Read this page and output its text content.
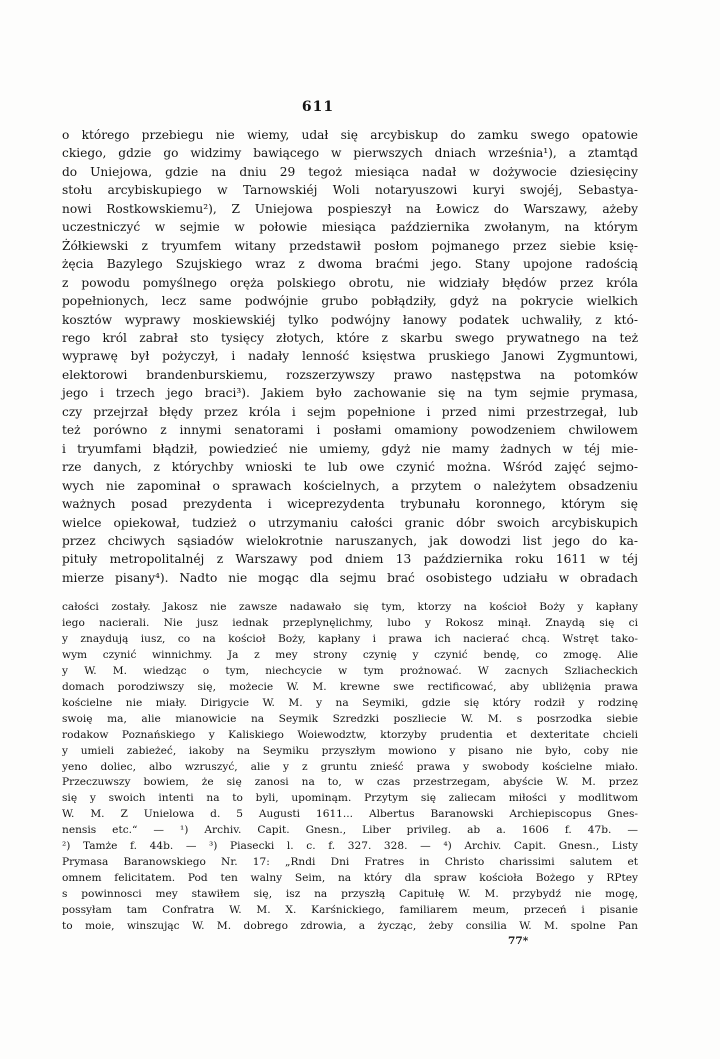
611
o którego przebiegu nie wiemy, udał się arcybiskup do zamku swego opatowie
ckiego, gdzie go widzimy bawiącego w pierwszych dniach września¹), a ztamtąd
do Uniejowa, gdzie na dniu 29 tegoż miesiąca nadał w dożywocie dziesięciny
stołu arcybiskupiego w Tarnowskiéj Woli notaryuszowi kuryi swojéj, Sebastya-
nowi Rostkowskiemu²), Z Uniejowa pospieszył na Łowicz do Warszawy, ażeby
uczestniczyć w sejmie w połowie miesiąca października zwołanym, na którym
Żółkiewski z tryumfem witany przedstawił posłom pojmanego przez siebie księ-
żęcia Bazylego Szujskiego wraz z dwoma braćmi jego. Stany upojone radością
z powodu pomyślnego oręża polskiego obrotu, nie widziały błędów przez króla
popełnionych, lecz same podwójnie grubo pobłądziły, gdyż na pokrycie wielkich
kosztów wyprawy moskiewskiéj tylko podwójny łanowy podatek uchwaliły, z któ-
rego król zabrał sto tysięcy złotych, które z skarbu swego prywatnego na też
wyprawę był pożyczył, i nadały lenność księstwa pruskiego Janowi Zygmuntowi,
elektorowi brandenburskiemu, rozszerzywszy prawo następstwa na potomków
jego i trzech jego braci³). Jakiem było zachowanie się na tym sejmie prymasa,
czy przejrzał błędy przez króla i sejm popełnione i przed nimi przestrzegał, lub
też porówno z innymi senatorami i posłami omamiony powodzeniem chwilowem
i tryumfami błądził, powiedzieć nie umiemy, gdyż nie mamy żadnych w téj mie-
rze danych, z którychby wnioski te lub owe czynić można. Wśród zajęć sejmo-
wych nie zapominał o sprawach kościelnych, a przytem o należytem obsadzeniu
ważnych posad prezydenta i wiceprezydenta trybunału koronnego, którym się
wielce opiekował, tudzież o utrzymaniu całości granic dóbr swoich arcybiskupich
przez chciwych sąsiadów wielokrotnie naruszanych, jak dowodzi list jego do ka-
pituły metropolitalnéj z Warszawy pod dniem 13 października roku 1611 w téj
mierze pisany⁴). Nadto nie mogąc dla sejmu brać osobistego udziału w obradach
całości zostały. Jakosz nie zawsze nadawało się tym, ktorzy na kościoł Boży y kapłany
iego nacierali. Nie jusz iednak przeplynęlichmy, lubo y Rokosz minął. Znaydą się ci
y znaydują iusz, co na kościoł Boży, kapłany i prawa ich nacierać chcą. Wstręt tako-
wym czynić winnichmy. Ja z mey strony czynię y czynić bendę, co zmogę. Alie
y W. M. wiedząc o tym, niechcycie w tym prożnować. W zacnych Szliacheckich
domach porodziwszy się, możecie W. M. krewne swe rectificować, aby ubliżęnia prawa
kościelne nie miały. Dirigycie W. M. y na Seymiki, gdzie się który rodził y rodzinę
swoię ma, alie mianowicie na Seymik Szredzki poszliecie W. M. s posrzodka siebie
rodakow Poznańskiego y Kaliskiego Woiewodztw, ktorzyby prudentia et dexteritate chcieli
y umieli zabieżeć, iakoby na Seymiku przyszłym mowiono y pisano nie było, coby nie
yeno doliec, albo wzruszyć, alie y z gruntu znieść prawa y swobody kościelne miało.
Przeczuwszy bowiem, że się zanosi na to, w czas przestrzegam, abyście W. M. przez
się y swoich intenti na to byli, upominąm. Przytym się zaliecam miłości y modlitwom
W. M. Z Unielowa d. 5 Augusti 1611... Albertus Baranowski Archiepiscopus Gnes-
nensis etc.“ — ¹) Archiv. Capit. Gnesn., Liber privileg. ab a. 1606 f. 47b. —
²) Tamże f. 44b. — ³) Piasecki l. c. f. 327. 328. — ⁴) Archiv. Capit. Gnesn., Listy
Prymasa Baranowskiego Nr. 17: „Rndi Dni Fratres in Christo charissimi salutem et
omnem felicitatem. Pod ten walny Seim, na który dla spraw kościoła Bożego y RPtey
s powinnosci mey stawiłem się, isz na przyszłą Capitułę W. M. przybydź nie mogę,
possyłam tam Confratra W. M. X. Karśnickiego, familiarem meum, przeceń i pisanie
to moie, winszując W. M. dobrego zdrowia, a życząc, żeby consilia W. M. spolne Pan
77*
